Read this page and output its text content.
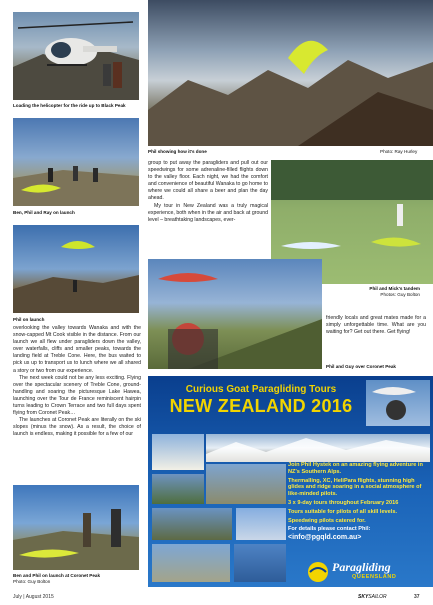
Loading the helicopter for the ride up to Black Peak
Phil showing how it's done	Photo: Ray Hurley
Ben, Phil and Ray on launch
Phil on launch

group to put away the paragliders and pull out our speedwings for some adrenaline-filled flights down to the valley floor. Each night, we had the comfort and convenience of beautiful Wanaka to go home to where we could all share a beer and plan the day ahead.

My tour in New Zealand was a truly magical experience, both when in the air and back at ground level – breathtaking landscapes, ever-

Phil and Mick's tandem
Photos: Guy Bolton
friendly locals and great mates made for a simply unforgettable time. What are you waiting for? Get out there. Get flying!
Phil and Guy over Coronet Peak

overlooking the valley towards Wanaka and with the snow-capped Mt Cook visible in the distance. From our launch we all flew under paragliders down the valley, over waterfalls, cliffs and smaller peaks, towards the landing field at Treble Cone. Here, the bus waited to pick us up to transport us to lunch where we all shared a story or two from our experience.

The next week could not be any less exciting. Flying over the spectacular scenery of Treble Cone, ground-handling and soaring the picturesque Lake Hawea, launching over the Tour de France reminiscent hairpin turns leading to Crown Terrace and two full days spent flying from Coronet Peak…

The launches at Coronet Peak are literally on the ski slopes (minus the snow). As a result, the choice of launch is endless, making it possible for a few of our

Ben and Phil on launch at Coronet Peak
Photo: Guy Bolton
Curious Goat Paragliding Tours
NEW ZEALAND 2016
Join Phil Hystek on an amazing flying adventure in NZ's Southern Alps.
Thermalling, XC, HeliPara flights, stunning high glides and ridge soaring in a social atmosphere of like-minded pilots.
3 x 9-day tours throughout February 2016
Tours suitable for pilots of all skill levels.
Speedwing pilots catered for.
For details please contact Phil:
<info@pgqld.com.au>
Paragliding
QUEENSLAND
July | August 2015	SKYSAILOR	37
